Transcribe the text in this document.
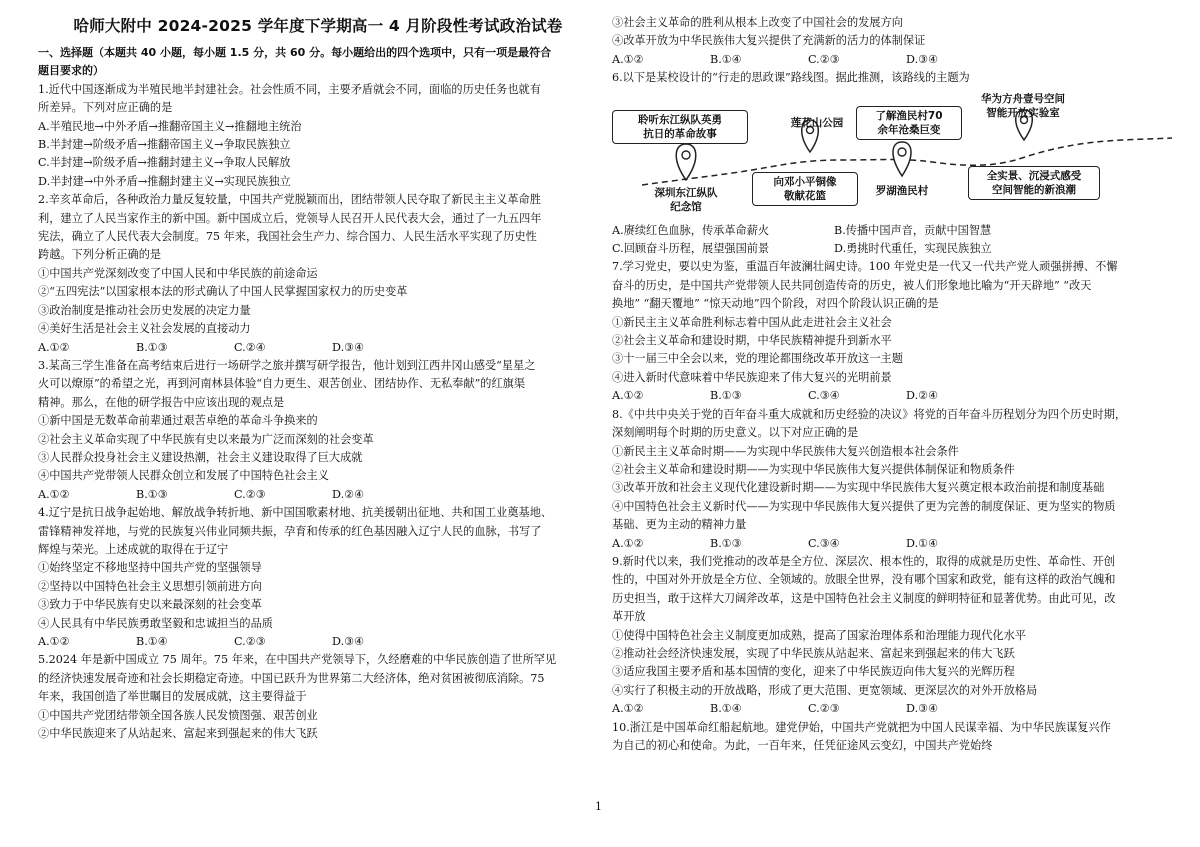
哈师大附中 2024-2025 学年度下学期高一 4 月阶段性考试政治试卷
一、选择题（本题共 40 小题，每小题 1.5 分，共 60 分。每小题给出的四个选项中，只有一项是最符合
题目要求的）
1.近代中国逐渐成为半殖民地半封建社会。社会性质不同，主要矛盾就会不同，面临的历史任务也就有
所差异。下列对应正确的是
A.半殖民地→中外矛盾→推翻帝国主义→推翻地主统治
B.半封建→阶级矛盾→推翻帝国主义→争取民族独立
C.半封建→阶级矛盾→推翻封建主义→争取人民解放
D.半封建→中外矛盾→推翻封建主义→实现民族独立
2.辛亥革命后，各种政治力量反复较量，中国共产党脱颖而出，团结带领人民夺取了新民主主义革命胜
利，建立了人民当家作主的新中国。新中国成立后，党领导人民召开人民代表大会，通过了一九五四年
宪法，确立了人民代表大会制度。75 年来，我国社会生产力、综合国力、人民生活水平实现了历史性
跨越。下列分析正确的是
①中国共产党深刻改变了中国人民和中华民族的前途命运
②“五四宪法”以国家根本法的形式确认了中国人民掌握国家权力的历史变革
③政治制度是推动社会历史发展的决定力量
④美好生活是社会主义社会发展的直接动力
A.①②	B.①③	C.②④	D.③④
3.某高三学生准备在高考结束后进行一场研学之旅并撰写研学报告，他计划到江西井冈山感受“星星之
火可以燎原”的希望之光，再到河南林县体验“自力更生、艰苦创业、团结协作、无私奉献”的红旗渠
精神。那么，在他的研学报告中应该出现的观点是
①新中国是无数革命前辈通过艰苦卓绝的革命斗争换来的
②社会主义革命实现了中华民族有史以来最为广泛而深刻的社会变革
③人民群众投身社会主义建设热潮，社会主义建设取得了巨大成就
④中国共产党带领人民群众创立和发展了中国特色社会主义
A.①②	B.①③	C.②③	D.②④
4.辽宁是抗日战争起始地、解放战争转折地、新中国国歌素材地、抗美援朝出征地、共和国工业奠基地、
雷锋精神发祥地，与党的民族复兴伟业同频共振，孕育和传承的红色基因融入辽宁人民的血脉，书写了
辉煌与荣光。上述成就的取得在于辽宁
①始终坚定不移地坚持中国共产党的坚强领导
②坚持以中国特色社会主义思想引领前进方向
③致力于中华民族有史以来最深刻的社会变革
④人民具有中华民族勇敢坚毅和忠诚担当的品质
A.①②	B.①④	C.②③	D.③④
5.2024 年是新中国成立 75 周年。75 年来，在中国共产党领导下，久经磨难的中华民族创造了世所罕见
的经济快速发展奇迹和社会长期稳定奇迹。中国已跃升为世界第二大经济体，绝对贫困被彻底消除。75
年来，我国创造了举世瞩目的发展成就，这主要得益于
①中国共产党团结带领全国各族人民发愤图强、艰苦创业
②中华民族迎来了从站起来、富起来到强起来的伟大飞跃
③社会主义革命的胜利从根本上改变了中国社会的发展方向
④改革开放为中华民族伟大复兴提供了充满新的活力的体制保证
A.①②	B.①④	C.②③	D.③④
6.以下是某校设计的“行走的思政课”路线图。据此推测，该路线的主题为
聆听东江纵队英勇
抗日的革命故事
莲花山公园
了解渔民村70
余年沧桑巨变
华为方舟壹号空间
智能开放实验室
深圳东江纵队
纪念馆
向邓小平铜像
敬献花篮	罗湖渔民村
全实景、沉浸式感受
空间智能的新浪潮
A.赓续红色血脉，传承革命薪火	B.传播中国声音，贡献中国智慧
C.回顾奋斗历程，展望强国前景	D.勇挑时代重任，实现民族独立
7.学习党史，要以史为鉴，重温百年波澜壮阔史诗。100 年党史是一代又一代共产党人顽强拼搏、不懈
奋斗的历史，是中国共产党带领人民共同创造传奇的历史，被人们形象地比喻为“开天辟地” “改天
换地” “翻天覆地” “惊天动地”四个阶段，对四个阶段认识正确的是
①新民主主义革命胜利标志着中国从此走进社会主义社会
②社会主义革命和建设时期，中华民族精神提升到新水平
③十一届三中全会以来，党的理论都围绕改革开放这一主题
④进入新时代意味着中华民族迎来了伟大复兴的光明前景
A.①②	B.①③	C.③④	D.②④
8.《中共中央关于党的百年奋斗重大成就和历史经验的决议》将党的百年奋斗历程划分为四个历史时期，
深刻阐明每个时期的历史意义。以下对应正确的是
①新民主主义革命时期——为实现中华民族伟大复兴创造根本社会条件
②社会主义革命和建设时期——为实现中华民族伟大复兴提供体制保证和物质条件
③改革开放和社会主义现代化建设新时期——为实现中华民族伟大复兴奠定根本政治前提和制度基础
④中国特色社会主义新时代——为实现中华民族伟大复兴提供了更为完善的制度保证、更为坚实的物质
基础、更为主动的精神力量
A.①②	B.①③	C.③④	D.①④
9.新时代以来，我们党推动的改革是全方位、深层次、根本性的，取得的成就是历史性、革命性、开创
性的，中国对外开放是全方位、全领域的。放眼全世界，没有哪个国家和政党，能有这样的政治气魄和
历史担当，敢于这样大刀阔斧改革，这是中国特色社会主义制度的鲜明特征和显著优势。由此可见，改
革开放
①使得中国特色社会主义制度更加成熟，提高了国家治理体系和治理能力现代化水平
②推动社会经济快速发展，实现了中华民族从站起来、富起来到强起来的伟大飞跃
③适应我国主要矛盾和基本国情的变化，迎来了中华民族迈向伟大复兴的光辉历程
④实行了积极主动的开放战略，形成了更大范围、更宽领域、更深层次的对外开放格局
A.①②	B.①④	C.②③	D.③④
10.浙江是中国革命红船起航地。建党伊始，中国共产党就把为中国人民谋幸福、为中华民族谋复兴作
为自己的初心和使命。为此，一百年来，任凭征途风云变幻，中国共产党始终
1
